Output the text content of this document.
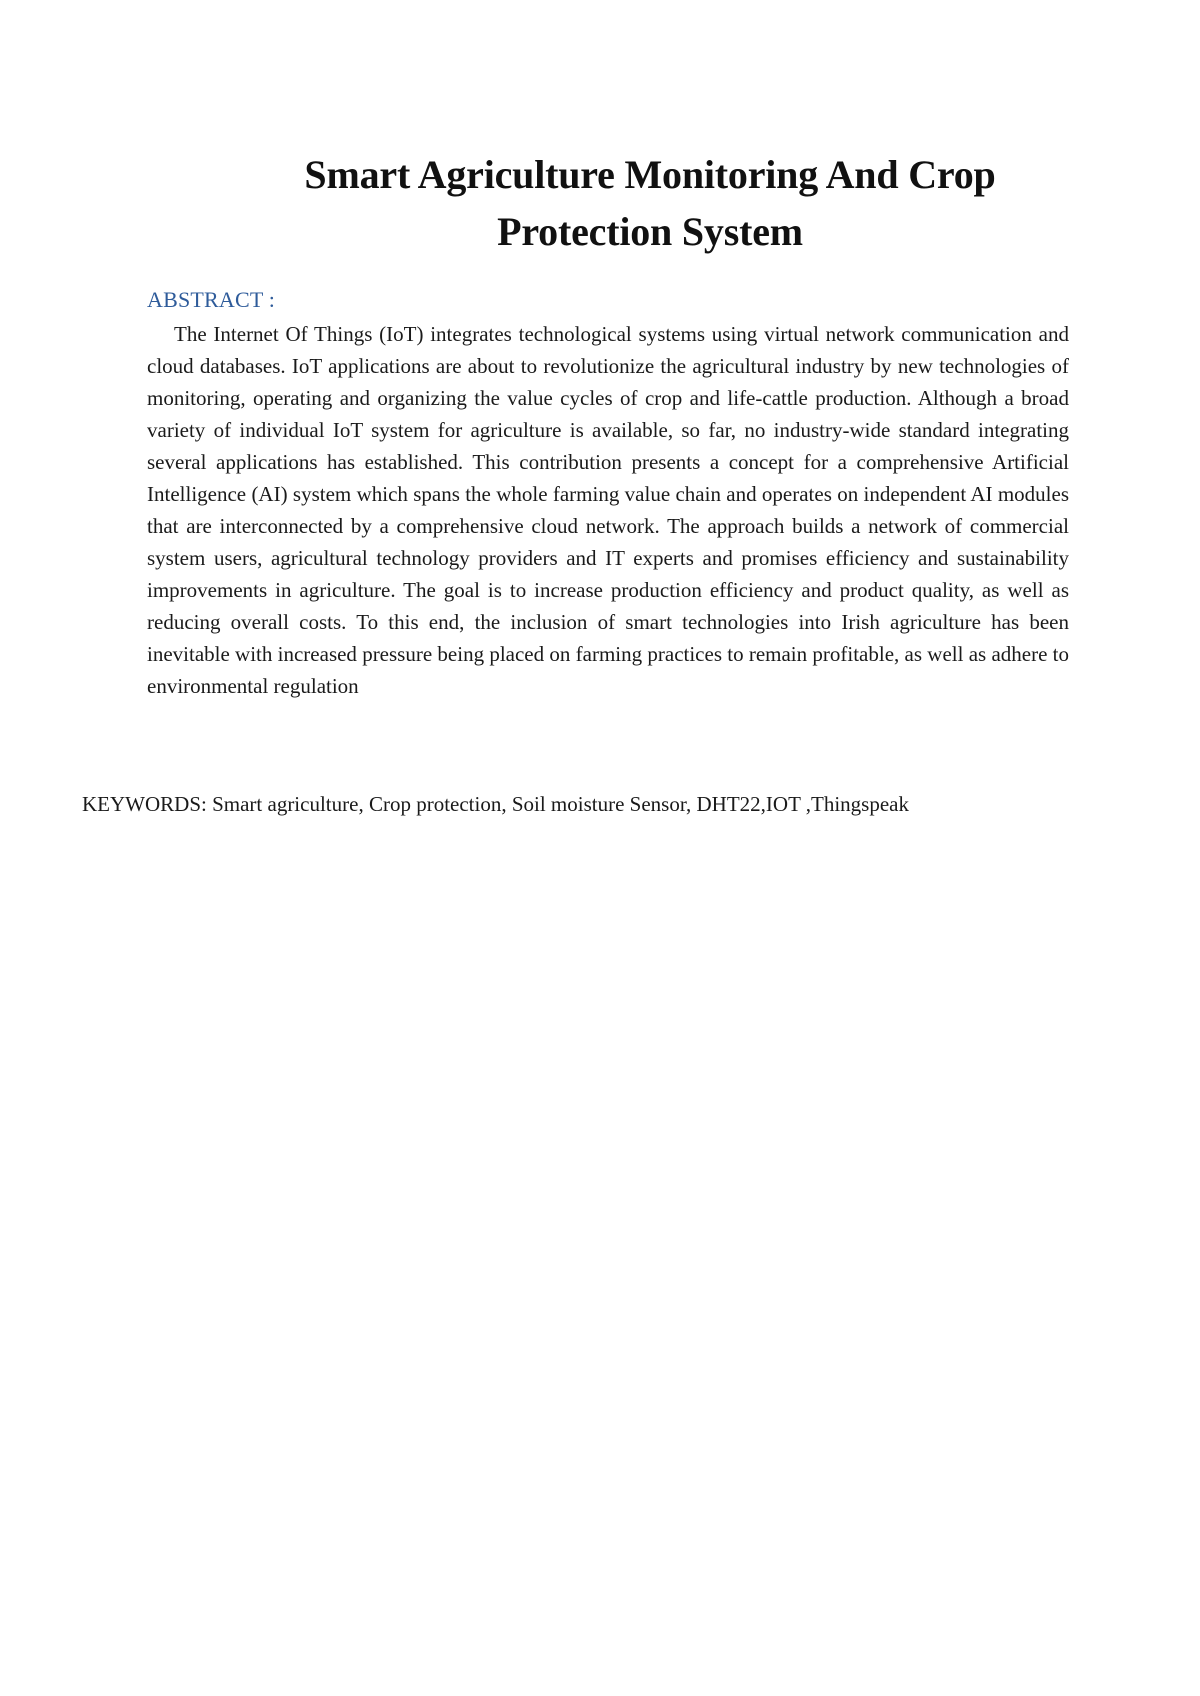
Smart Agriculture Monitoring And Crop Protection System
ABSTRACT :
The Internet Of Things (IoT) integrates technological systems using virtual network communication and cloud databases. IoT applications are about to revolutionize the agricultural industry by new technologies of monitoring, operating and organizing the value cycles of crop and life-cattle production. Although a broad variety of individual IoT system for agriculture is available, so far, no industry-wide standard integrating several applications has established. This contribution presents a concept for a comprehensive Artificial Intelligence (AI) system which spans the whole farming value chain and operates on independent AI modules that are interconnected by a comprehensive cloud network. The approach builds a network of commercial system users, agricultural technology providers and IT experts and promises efficiency and sustainability improvements in agriculture. The goal is to increase production efficiency and product quality, as well as reducing overall costs. To this end, the inclusion of smart technologies into Irish agriculture has been inevitable with increased pressure being placed on farming practices to remain profitable, as well as adhere to environmental regulation
KEYWORDS: Smart agriculture, Crop protection, Soil moisture Sensor, DHT22,IOT ,Thingspeak
